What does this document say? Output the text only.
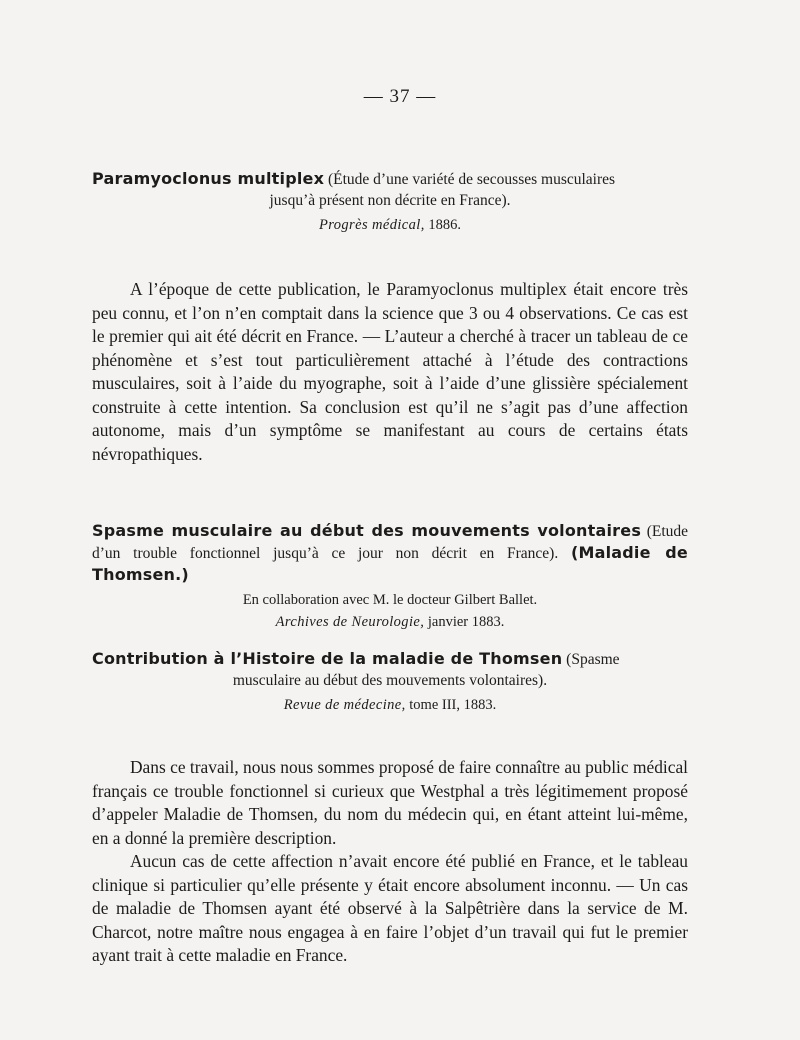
— 37 —
Paramyoclonus multiplex (Étude d’une variété de secousses musculaires
jusqu’à présent non décrite en France).
Progrès médical, 1886.

A l’époque de cette publication, le Paramyoclonus multiplex était encore très peu connu, et l’on n’en comptait dans la science que 3 ou 4 observations. Ce cas est le premier qui ait été décrit en France. — L’auteur a cherché à tracer un tableau de ce phénomène et s’est tout particulièrement attaché à l’étude des contractions musculaires, soit à l’aide du myographe, soit à l’aide d’une glissière spécialement construite à cette intention. Sa conclusion est qu’il ne s’agit pas d’une affection autonome, mais d’un symptôme se manifestant au cours de certains états névropathiques.

Spasme musculaire au début des mouvements volontaires (Etude d’un trouble fonctionnel jusqu’à ce jour non décrit en France). (Maladie de Thomsen.)
En collaboration avec M. le docteur Gilbert Ballet.
Archives de Neurologie, janvier 1883.
Contribution à l’Histoire de la maladie de Thomsen (Spasme
musculaire au début des mouvements volontaires).
Revue de médecine, tome III, 1883.

Dans ce travail, nous nous sommes proposé de faire connaître au public médical français ce trouble fonctionnel si curieux que Westphal a très légitimement proposé d’appeler Maladie de Thomsen, du nom du médecin qui, en étant atteint lui-même, en a donné la première description.

Aucun cas de cette affection n’avait encore été publié en France, et le tableau clinique si particulier qu’elle présente y était encore absolument inconnu. — Un cas de maladie de Thomsen ayant été observé à la Salpêtrière dans la service de M. Charcot, notre maître nous engagea à en faire l’objet d’un travail qui fut le premier ayant trait à cette maladie en France.
